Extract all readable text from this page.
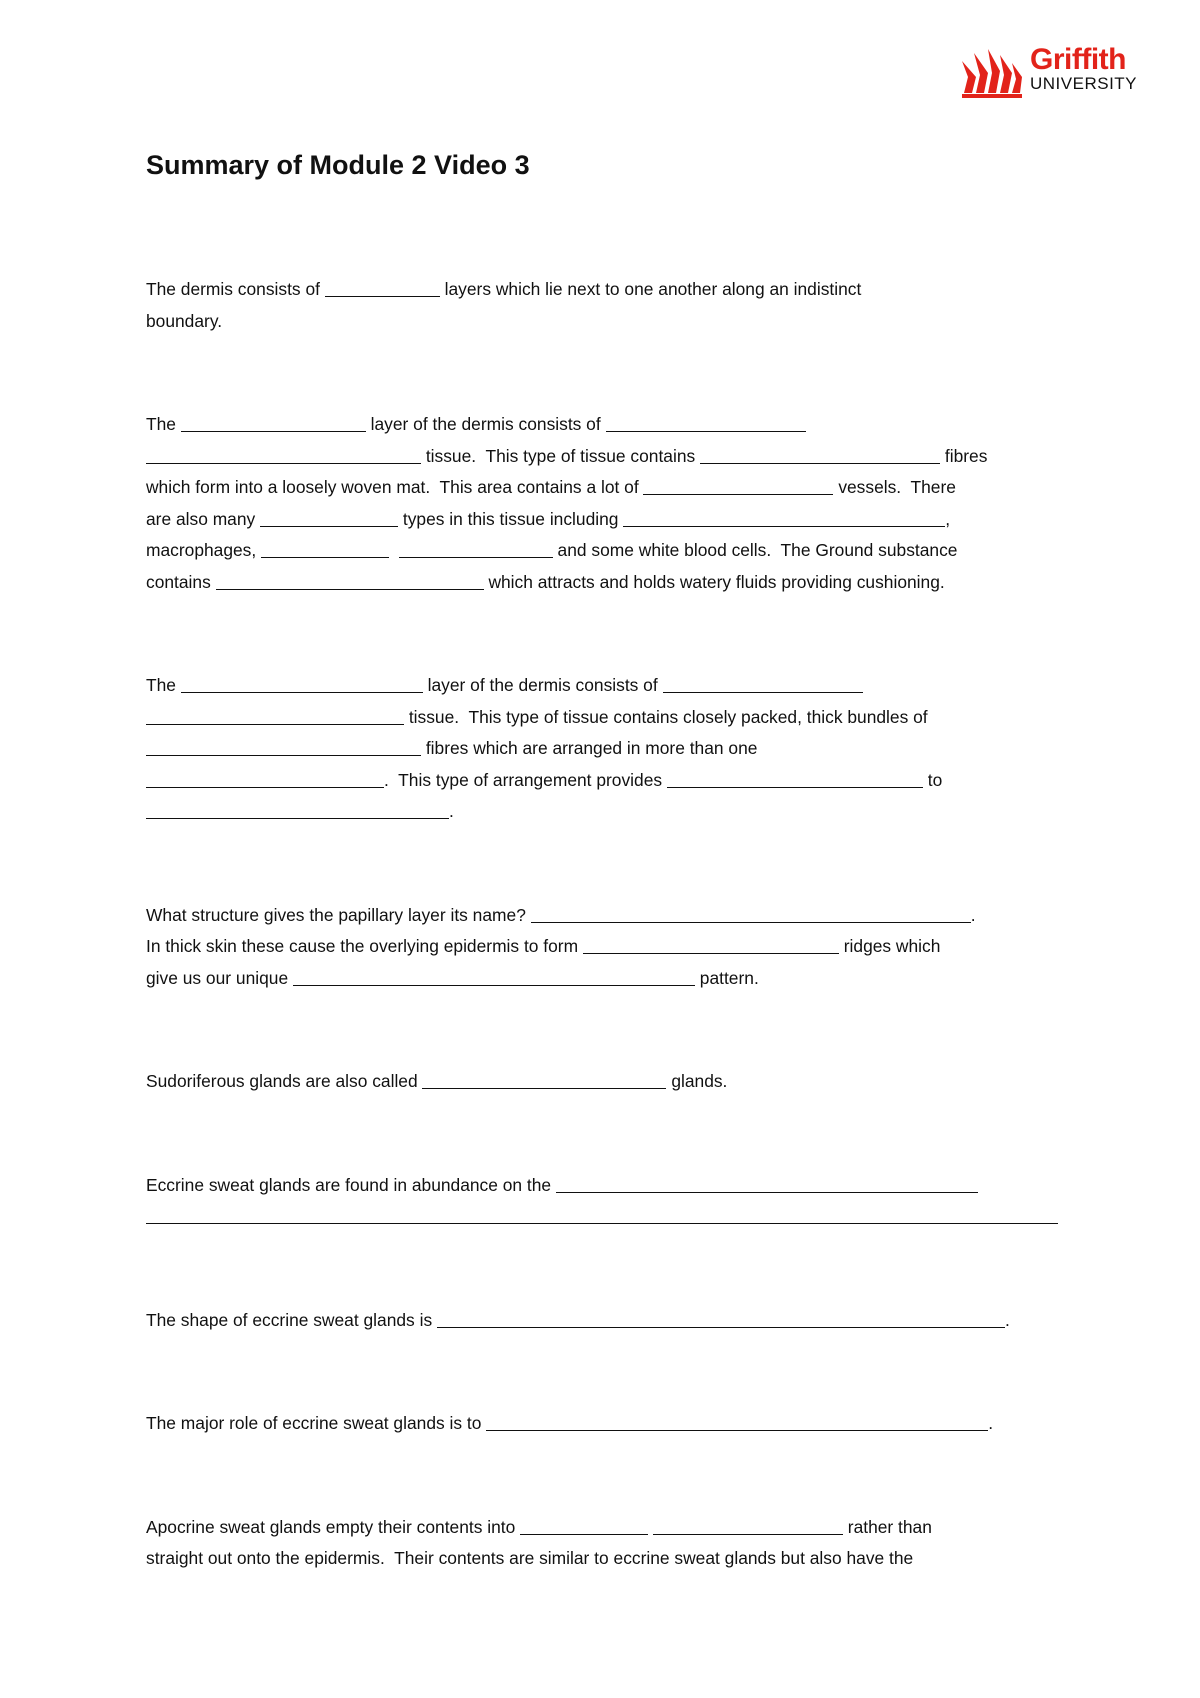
Griffith
UNIVERSITY
Summary of Module 2 Video 3

The dermis consists of	layers which lie next to one another along an indistinct
boundary.

The	layer of the dermis consists of
tissue.  This type of tissue contains	fibres
which form into a loosely woven mat.  This area contains a lot of	vessels.  There
are also many	types in this tissue including	,
macrophages,	and some white blood cells.  The Ground substance
contains	which attracts and holds watery fluids providing cushioning.

The	layer of the dermis consists of
tissue.  This type of tissue contains closely packed, thick bundles of
fibres which are arranged in more than one
.  This type of arrangement provides	to
.

What structure gives the papillary layer its name?	.
In thick skin these cause the overlying epidermis to form	ridges which
give us our unique	pattern.

Sudoriferous glands are also called	glands.

Eccrine sweat glands are found in abundance on the

The shape of eccrine sweat glands is	.

The major role of eccrine sweat glands is to	.

Apocrine sweat glands empty their contents into	rather than
straight out onto the epidermis.  Their contents are similar to eccrine sweat glands but also have the
